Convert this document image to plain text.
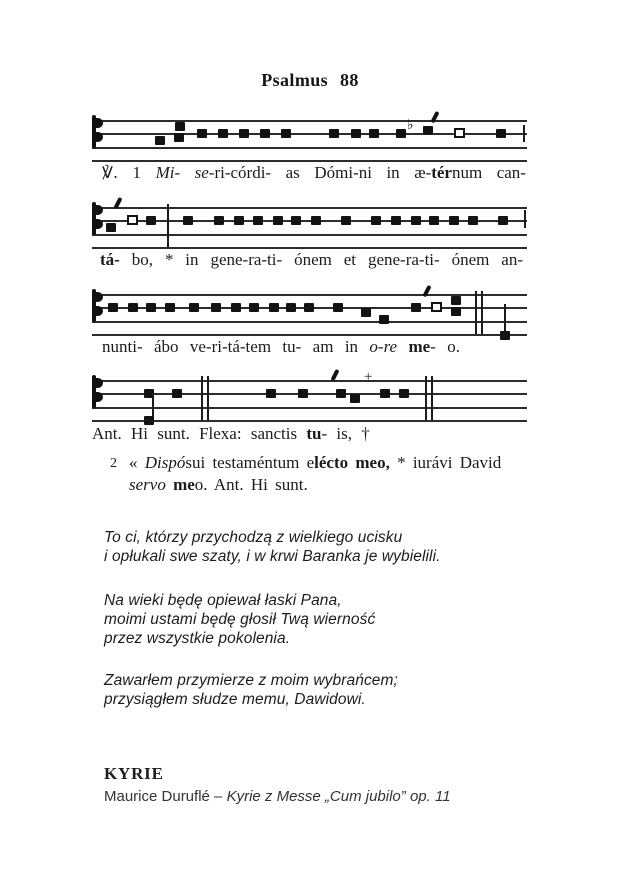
Psalmus 88
♭
℣. 1 Mi- se-ri-córdi- as Dómi-ni in æ-térnum can-
tá- bo, * in gene-ra-ti- ónem et gene-ra-ti- ónem an-
nunti- ábo ve-ri-tá-tem tu- am in o-re me- o.
+
Ant. Hi sunt. Flexa: sanctis tu- is, †
2 « Dispósui testaméntum elécto meo, * iurávi David
servo meo. Ant. Hi sunt.
To ci, którzy przychodzą z wielkiego ucisku
i opłukali swe szaty, i w krwi Baranka je wybielili.
Na wieki będę opiewał łaski Pana,
moimi ustami będę głosił Twą wierność
przez wszystkie pokolenia.
Zawarłem przymierze z moim wybrańcem;
przysiągłem słudze memu, Dawidowi.
KYRIE
Maurice Duruflé – Kyrie z Messe „Cum jubilo” op. 11
